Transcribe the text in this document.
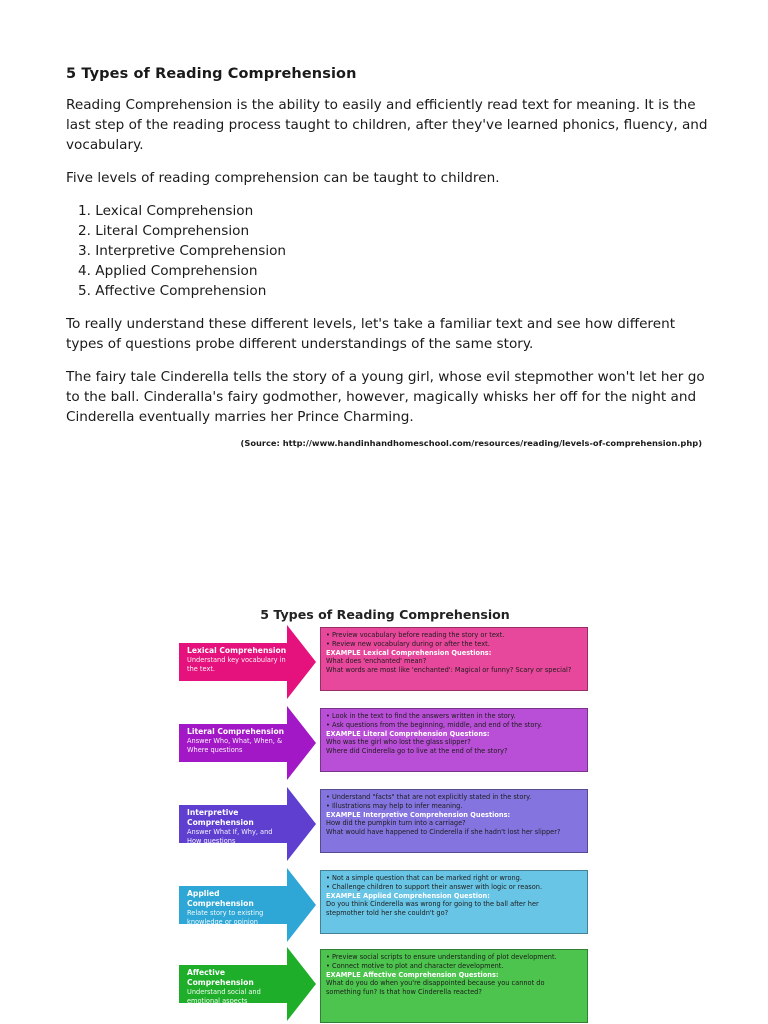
5 Types of Reading Comprehension

Reading Comprehension is the ability to easily and efficiently read text for meaning. It is the last step of the reading process taught to children, after they've learned phonics, fluency, and vocabulary.

Five levels of reading comprehension can be taught to children.

1. Lexical Comprehension
2. Literal Comprehension
3. Interpretive Comprehension
4. Applied Comprehension
5. Affective Comprehension

To really understand these different levels, let's take a familiar text and see how different types of questions probe different understandings of the same story.

The fairy tale Cinderella tells the story of a young girl, whose evil stepmother won't let her go to the ball. Cinderalla's fairy godmother, however, magically whisks her off for the night and Cinderella eventually marries her Prince Charming.

(Source: http://www.handinhandhomeschool.com/resources/reading/levels-of-comprehension.php)
5 Types of Reading Comprehension
Lexical Comprehension
Understand key vocabulary in the text.

• Preview vocabulary before reading the story or text.

• Review new vocabulary during or after the text.

EXAMPLE Lexical Comprehension Questions:

What does 'enchanted' mean?

What words are most like 'enchanted': Magical or funny? Scary or special?

Literal Comprehension
Answer Who, What, When, & Where questions

• Look in the text to find the answers written in the story.

• Ask questions from the beginning, middle, and end of the story.

EXAMPLE Literal Comprehension Questions:

Who was the girl who lost the glass slipper?

Where did Cinderella go to live at the end of the story?

Interpretive Comprehension
Answer What If, Why, and How questions

• Understand "facts" that are not explicitly stated in the story.

• Illustrations may help to infer meaning.

EXAMPLE Interpretive Comprehension Questions:

How did the pumpkin turn into a carriage?

What would have happened to Cinderella if she hadn't lost her slipper?

Applied Comprehension
Relate story to existing knowledge or opinion

• Not a simple question that can be marked right or wrong.

• Challenge children to support their answer with logic or reason.

EXAMPLE Applied Comprehension Question:

Do you think Cinderella was wrong for going to the ball after her

stepmother told her she couldn't go?

Affective Comprehension
Understand social and emotional aspects

• Preview social scripts to ensure understanding of plot development.

• Connect motive to plot and character development.

EXAMPLE Affective Comprehension Questions:

What do you do when you're disappointed because you cannot do

something fun? Is that how Cinderella reacted?
